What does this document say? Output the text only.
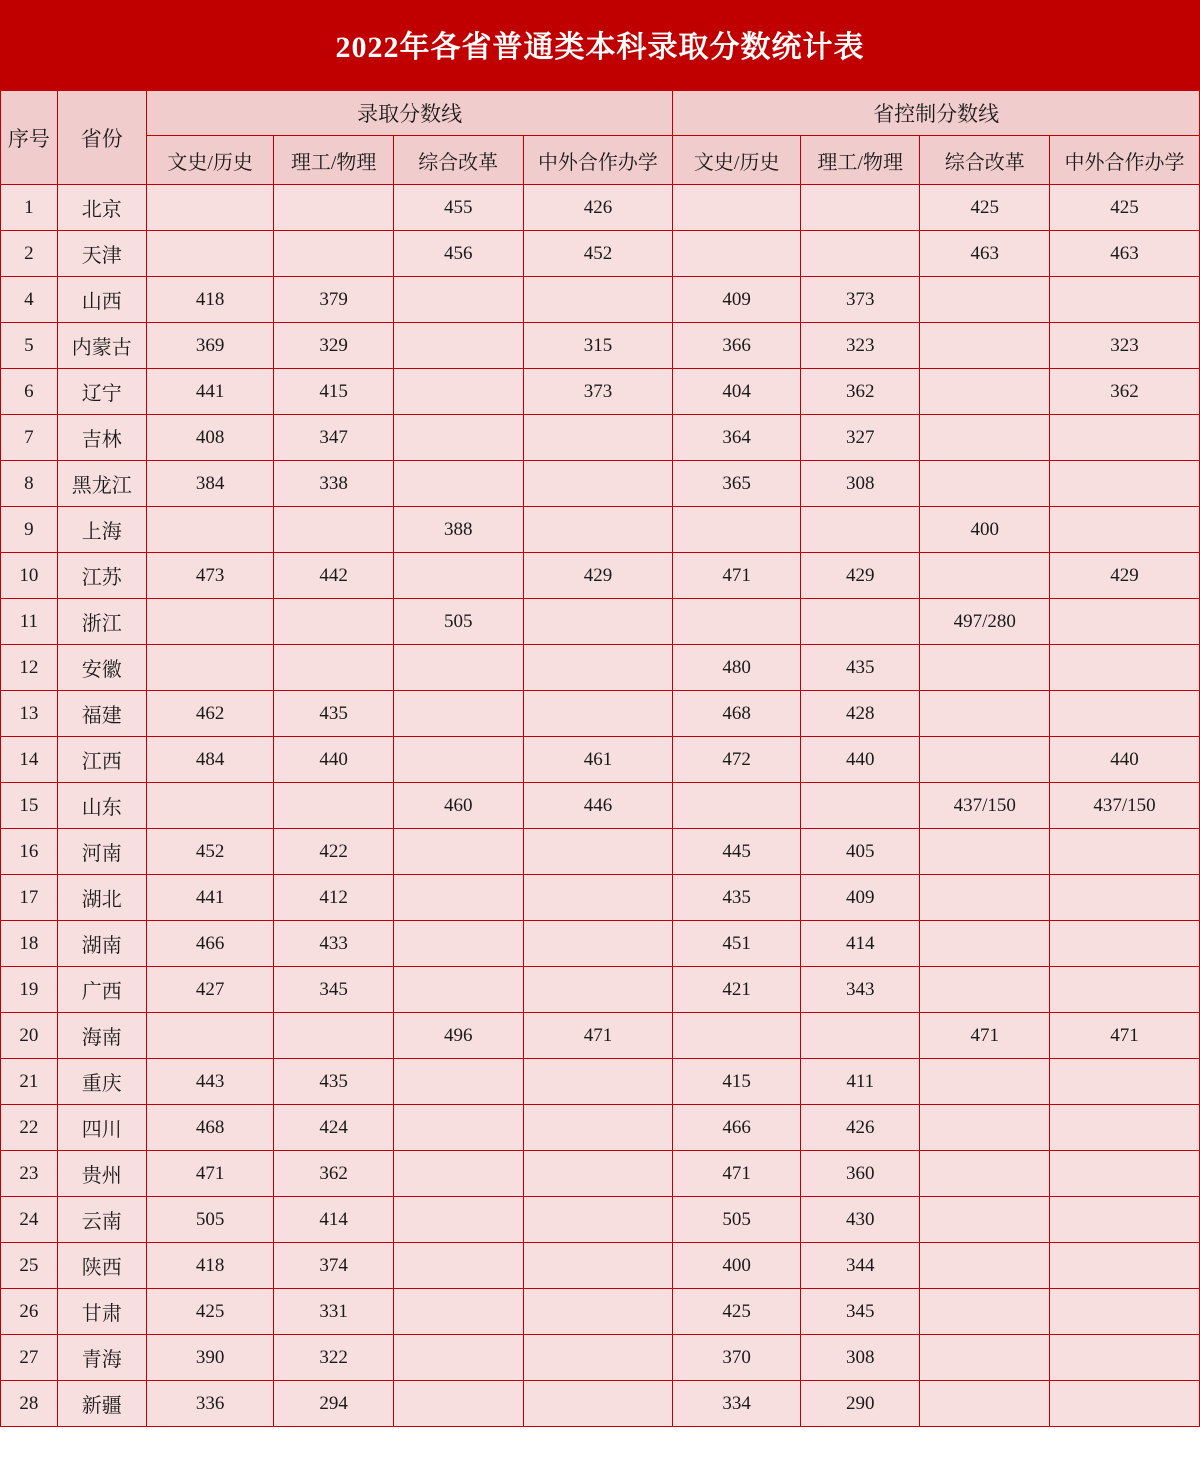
2022年各省普通类本科录取分数统计表
序号	省份	录取分数线				省控制分数线			
		文史/历史	理工/物理	综合改革	中外合作办学	文史/历史	理工/物理	综合改革	中外合作办学
1	北京			455	426			425	425
2	天津			456	452			463	463
4	山西	418	379			409	373		
5	内蒙古	369	329		315	366	323		323
6	辽宁	441	415		373	404	362		362
7	吉林	408	347			364	327		
8	黑龙江	384	338			365	308		
9	上海			388				400	
10	江苏	473	442		429	471	429		429
11	浙江			505				497/280	
12	安徽					480	435		
13	福建	462	435			468	428		
14	江西	484	440		461	472	440		440
15	山东			460	446			437/150	437/150
16	河南	452	422			445	405		
17	湖北	441	412			435	409		
18	湖南	466	433			451	414		
19	广西	427	345			421	343		
20	海南			496	471			471	471
21	重庆	443	435			415	411		
22	四川	468	424			466	426		
23	贵州	471	362			471	360		
24	云南	505	414			505	430		
25	陕西	418	374			400	344		
26	甘肃	425	331			425	345		
27	青海	390	322			370	308		
28	新疆	336	294			334	290		
